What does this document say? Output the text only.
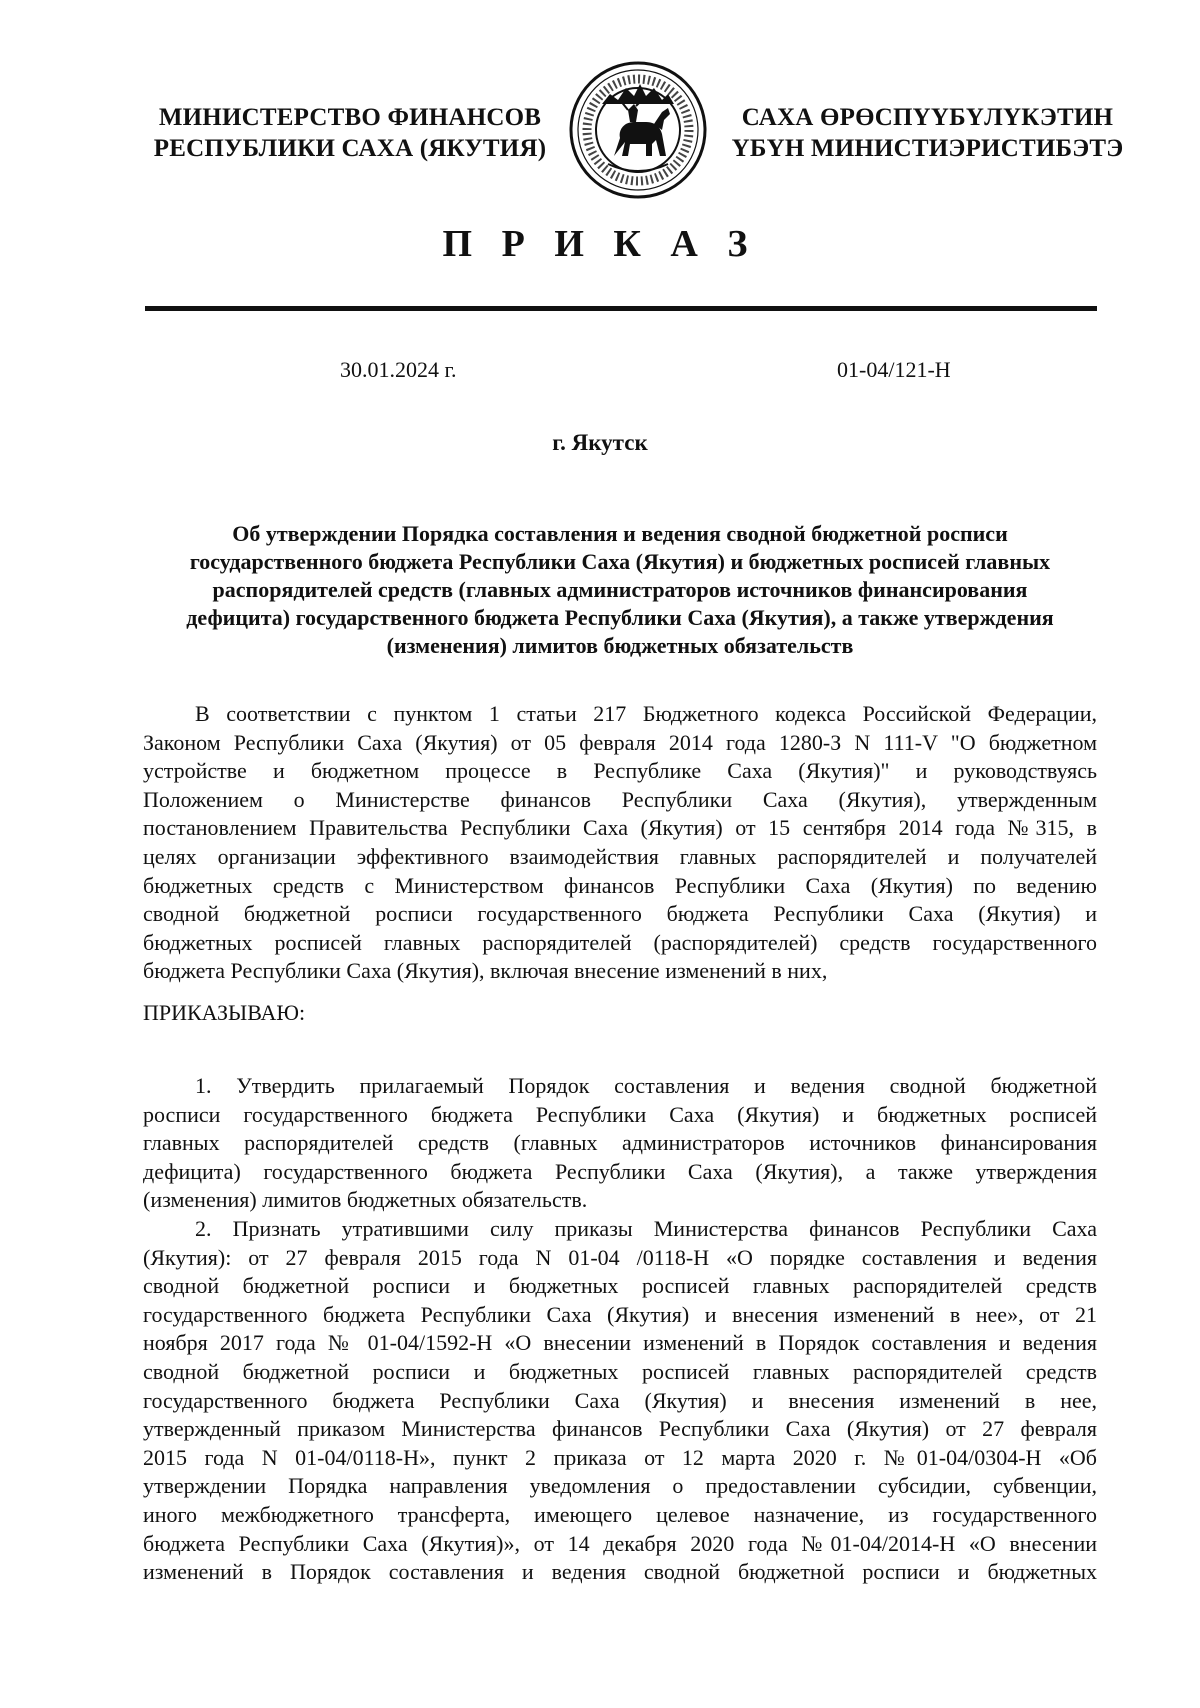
МИНИСТЕРСТВО ФИНАНСОВ
РЕСПУБЛИКИ САХА (ЯКУТИЯ)
САХА ӨРӨСПҮҮБҮЛҮКЭТИН
ҮБҮН МИНИСТИЭРИСТИБЭТЭ
П Р И К А З
30.01.2024 г.	01-04/121-Н
г. Якутск
Об утверждении Порядка составления и ведения сводной бюджетной росписи
государственного бюджета Республики Саха (Якутия) и бюджетных росписей главных
распорядителей средств (главных администраторов источников финансирования
дефицита) государственного бюджета Республики Саха (Якутия), а также утверждения
(изменения) лимитов бюджетных обязательств
В соответствии с пунктом 1 статьи 217 Бюджетного кодекса Российской Федерации,
Законом Республики Саха (Якутия) от 05 февраля 2014 года 1280-З N 111-V "О бюджетном
устройстве и бюджетном процессе в Республике Саха (Якутия)" и руководствуясь
Положением о Министерстве финансов Республики Саха (Якутия), утвержденным
постановлением Правительства Республики Саха (Якутия) от 15 сентября 2014 года №315, в
целях организации эффективного взаимодействия главных распорядителей и получателей
бюджетных средств с Министерством финансов Республики Саха (Якутия) по ведению
сводной бюджетной росписи государственного бюджета Республики Саха (Якутия) и
бюджетных росписей главных распорядителей (распорядителей) средств государственного
бюджета Республики Саха (Якутия), включая внесение изменений в них,
ПРИКАЗЫВАЮ:
1. Утвердить прилагаемый Порядок составления и ведения сводной бюджетной
росписи государственного бюджета Республики Саха (Якутия) и бюджетных росписей
главных распорядителей средств (главных администраторов источников финансирования
дефицита) государственного бюджета Республики Саха (Якутия), а также утверждения
(изменения) лимитов бюджетных обязательств.
2. Признать утратившими силу приказы Министерства финансов Республики Саха
(Якутия): от 27 февраля 2015 года N 01-04 /0118-Н «О порядке составления и ведения
сводной бюджетной росписи и бюджетных росписей главных распорядителей средств
государственного бюджета Республики Саха (Якутия) и внесения изменений в нее», от 21
ноября 2017 года № 01-04/1592-Н «О внесении изменений в Порядок составления и ведения
сводной бюджетной росписи и бюджетных росписей главных распорядителей средств
государственного бюджета Республики Саха (Якутия) и внесения изменений в нее,
утвержденный приказом Министерства финансов Республики Саха (Якутия) от 27 февраля
2015 года N 01-04/0118-Н», пункт 2 приказа от 12 марта 2020 г. №01-04/0304-Н «Об
утверждении Порядка направления уведомления о предоставлении субсидии, субвенции,
иного межбюджетного трансферта, имеющего целевое назначение, из государственного
бюджета Республики Саха (Якутия)», от 14 декабря 2020 года №01-04/2014-Н «О внесении
изменений в Порядок составления и ведения сводной бюджетной росписи и бюджетных
